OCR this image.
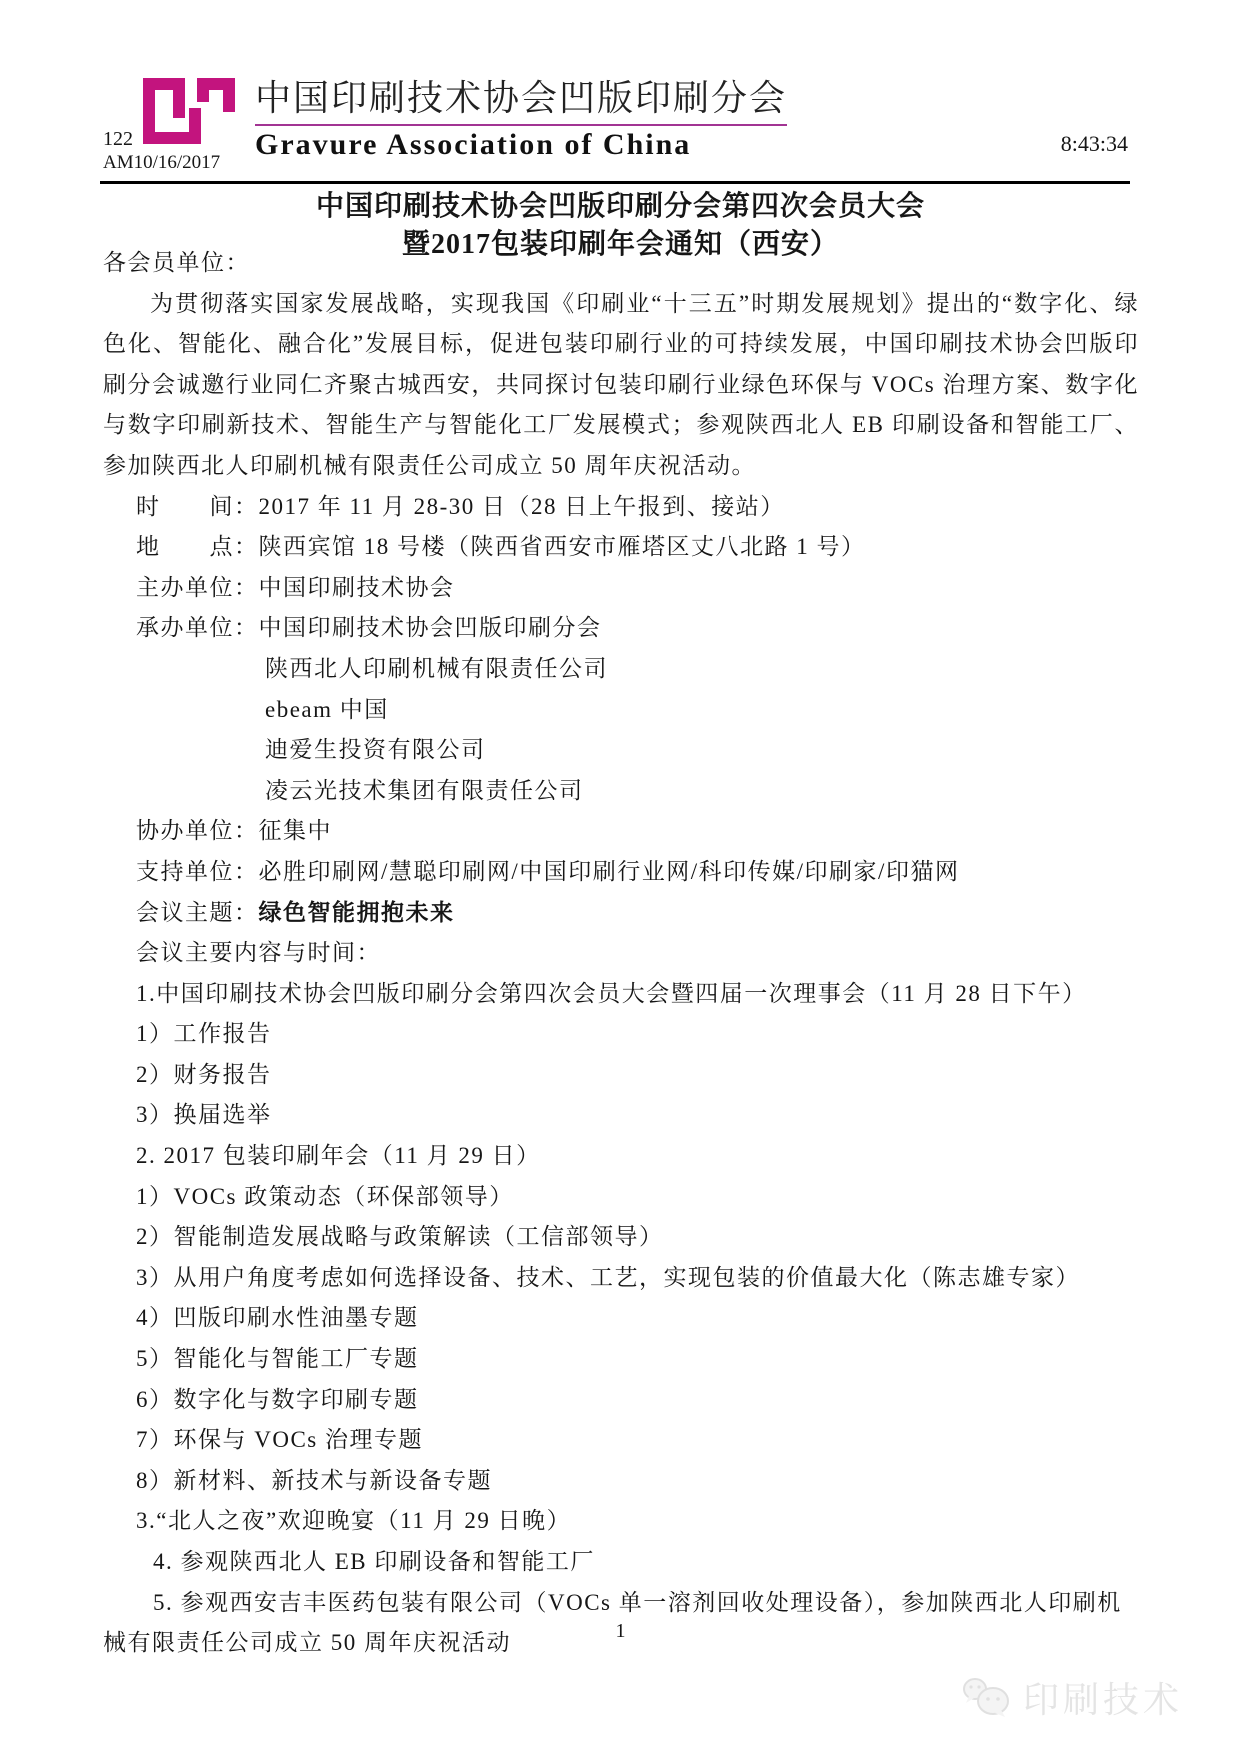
中国印刷技术协会凹版印刷分会
Gravure Association of China
122
AM10/16/2017
8:43:34
中国印刷技术协会凹版印刷分会第四次会员大会
暨2017包装印刷年会通知（西安）
各会员单位：
为贯彻落实国家发展战略，实现我国《印刷业“十三五”时期发展规划》提出的“数字化、绿色化、智能化、融合化”发展目标，促进包装印刷行业的可持续发展，中国印刷技术协会凹版印刷分会诚邀行业同仁齐聚古城西安，共同探讨包装印刷行业绿色环保与 VOCs 治理方案、数字化与数字印刷新技术、智能生产与智能化工厂发展模式；参观陕西北人 EB 印刷设备和智能工厂、参加陕西北人印刷机械有限责任公司成立 50 周年庆祝活动。
时　　间：2017 年 11 月 28-30 日（28 日上午报到、接站）
地　　点：陕西宾馆 18 号楼（陕西省西安市雁塔区丈八北路 1 号）
主办单位：中国印刷技术协会
承办单位：中国印刷技术协会凹版印刷分会
陕西北人印刷机械有限责任公司
ebeam 中国
迪爱生投资有限公司
凌云光技术集团有限责任公司
协办单位：征集中
支持单位：必胜印刷网/慧聪印刷网/中国印刷行业网/科印传媒/印刷家/印猫网
会议主题：绿色智能拥抱未来
会议主要内容与时间：
1.中国印刷技术协会凹版印刷分会第四次会员大会暨四届一次理事会（11 月 28 日下午）
1）工作报告
2）财务报告
3）换届选举
2. 2017 包装印刷年会（11 月 29 日）
1）VOCs 政策动态（环保部领导）
2）智能制造发展战略与政策解读（工信部领导）
3）从用户角度考虑如何选择设备、技术、工艺，实现包装的价值最大化（陈志雄专家）
4）凹版印刷水性油墨专题
5）智能化与智能工厂专题
6）数字化与数字印刷专题
7）环保与 VOCs 治理专题
8）新材料、新技术与新设备专题
3.“北人之夜”欢迎晚宴（11 月 29 日晚）
4. 参观陕西北人 EB 印刷设备和智能工厂
5. 参观西安吉丰医药包装有限公司（VOCs 单一溶剂回收处理设备），参加陕西北人印刷机械有限责任公司成立 50 周年庆祝活动	1
印刷技术
